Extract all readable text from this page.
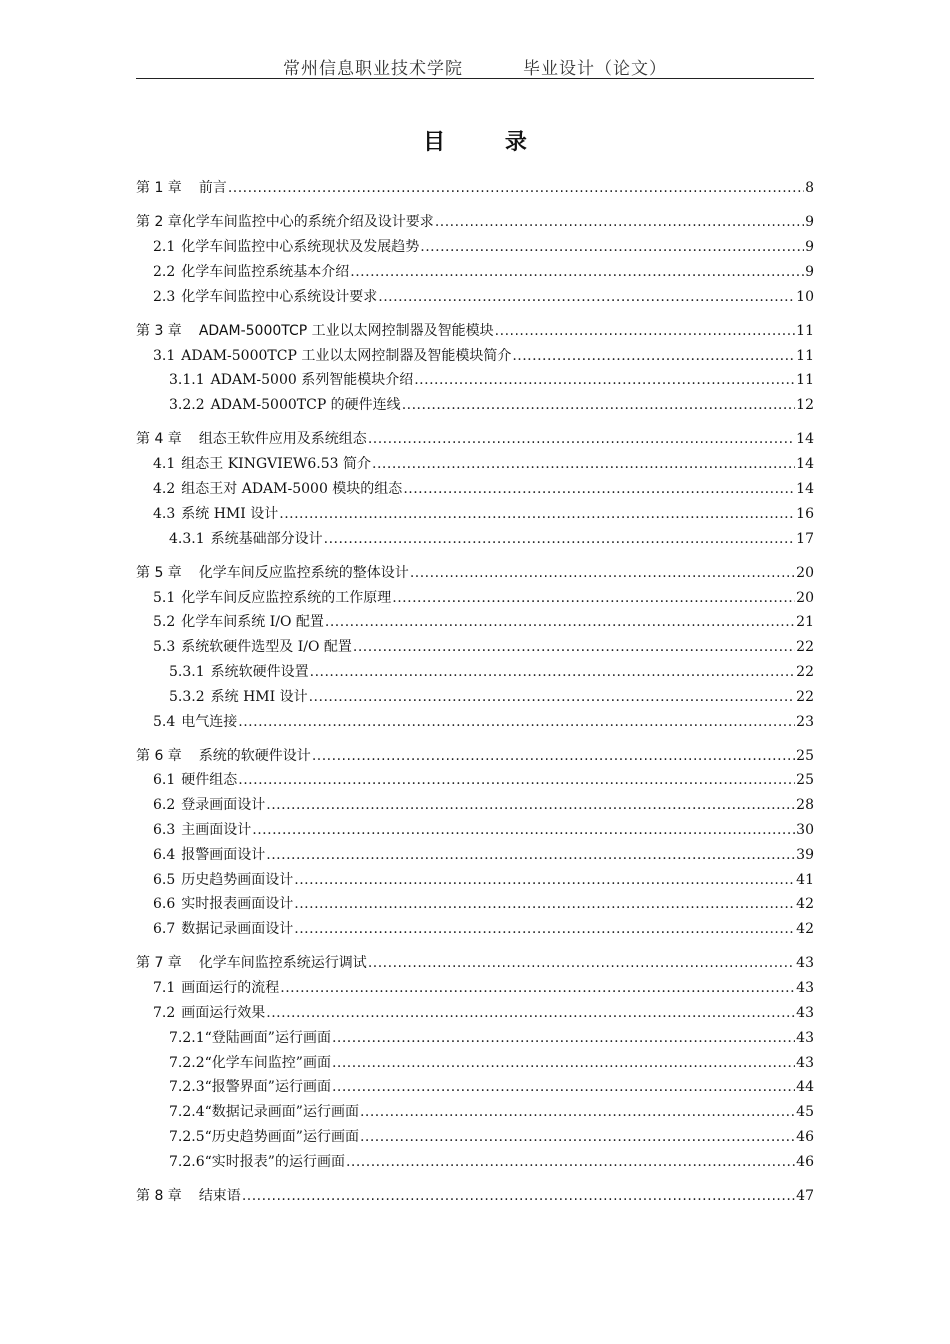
常州信息职业技术学院	毕业设计（论文）
目 录
第 1 章 前言 .....	8
第 2 章 化学车间监控中心的系统介绍及设计要求 .....	9
2.1 化学车间监控中心系统现状及发展趋势 .....	9
2.2 化学车间监控系统基本介绍 .....	9
2.3 化学车间监控中心系统设计要求 .....	10
第 3 章 ADAM-5000TCP 工业以太网控制器及智能模块 .....	11
3.1 ADAM-5000TCP 工业以太网控制器及智能模块简介 .....	11
3.1.1 ADAM-5000 系列智能模块介绍 .....	11
3.2.2 ADAM-5000TCP 的硬件连线 .....	12
第 4 章 组态王软件应用及系统组态 .....	14
4.1 组态王 KINGVIEW6.53 简介 .....	14
4.2 组态王对 ADAM-5000 模块的组态 .....	14
4.3 系统 HMI 设计 .....	16
4.3.1 系统基础部分设计 .....	17
第 5 章 化学车间反应监控系统的整体设计 .....	20
5.1 化学车间反应监控系统的工作原理 .....	20
5.2 化学车间系统 I/O 配置 .....	21
5.3 系统软硬件选型及 I/O 配置 .....	22
5.3.1 系统软硬件设置 .....	22
5.3.2 系统 HMI 设计 .....	22
5.4 电气连接 .....	23
第 6 章 系统的软硬件设计 .....	25
6.1 硬件组态 .....	25
6.2 登录画面设计 .....	28
6.3 主画面设计 .....	30
6.4 报警画面设计 .....	39
6.5 历史趋势画面设计 .....	41
6.6 实时报表画面设计 .....	42
6.7 数据记录画面设计 .....	42
第 7 章 化学车间监控系统运行调试 .....	43
7.1 画面运行的流程 .....	43
7.2 画面运行效果 .....	43
7.2.1 “登陆画面”运行画面 .....	43
7.2.2 “化学车间监控”画面 .....	43
7.2.3 “报警界面”运行画面 .....	44
7.2.4 “数据记录画面”运行画面 .....	45
7.2.5 “历史趋势画面”运行画面 .....	46
7.2.6 “实时报表”的运行画面 .....	46
第 8 章 结束语 .....	47
